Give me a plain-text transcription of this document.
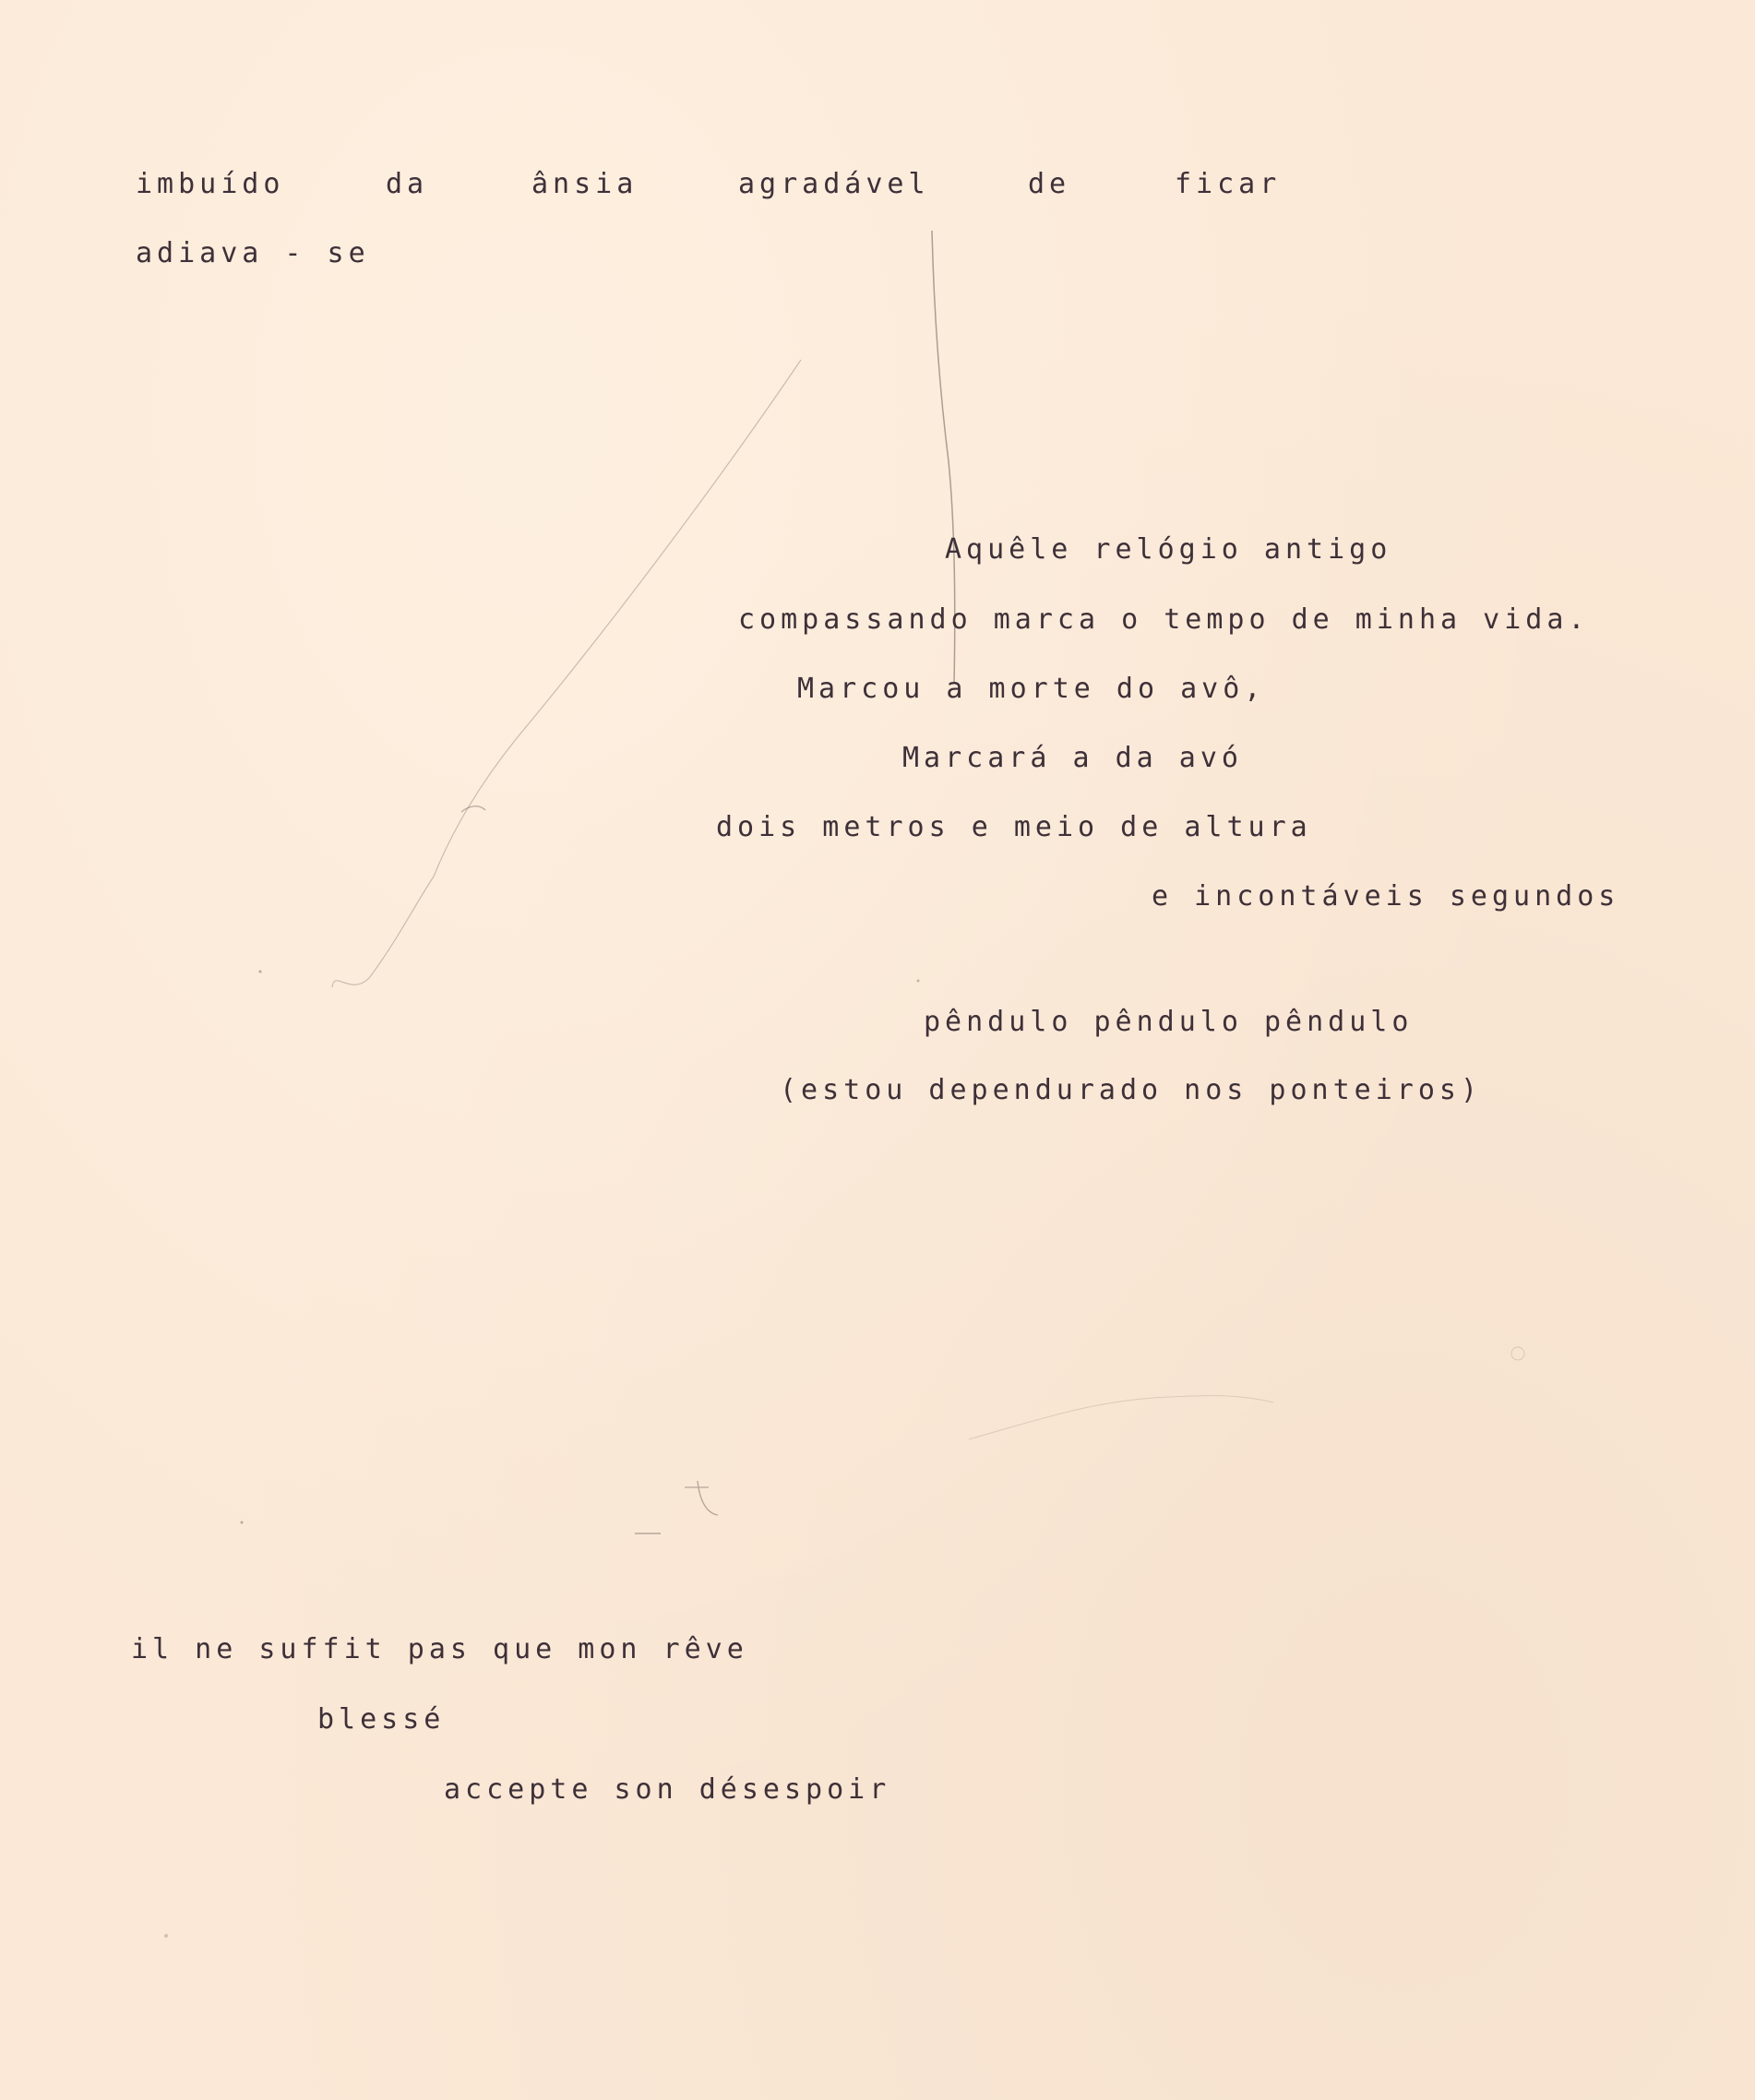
imbuído	da	ânsia	agradável	de	ficar

adiava - se

Aquêle relógio antigo

compassando marca o tempo de minha vida.

Marcou a morte do avô,

Marcará a da avó

dois metros e meio de altura

e incontáveis segundos

pêndulo pêndulo pêndulo

(estou dependurado nos ponteiros)

il ne suffit pas que mon rêve

blessé

accepte son désespoir
